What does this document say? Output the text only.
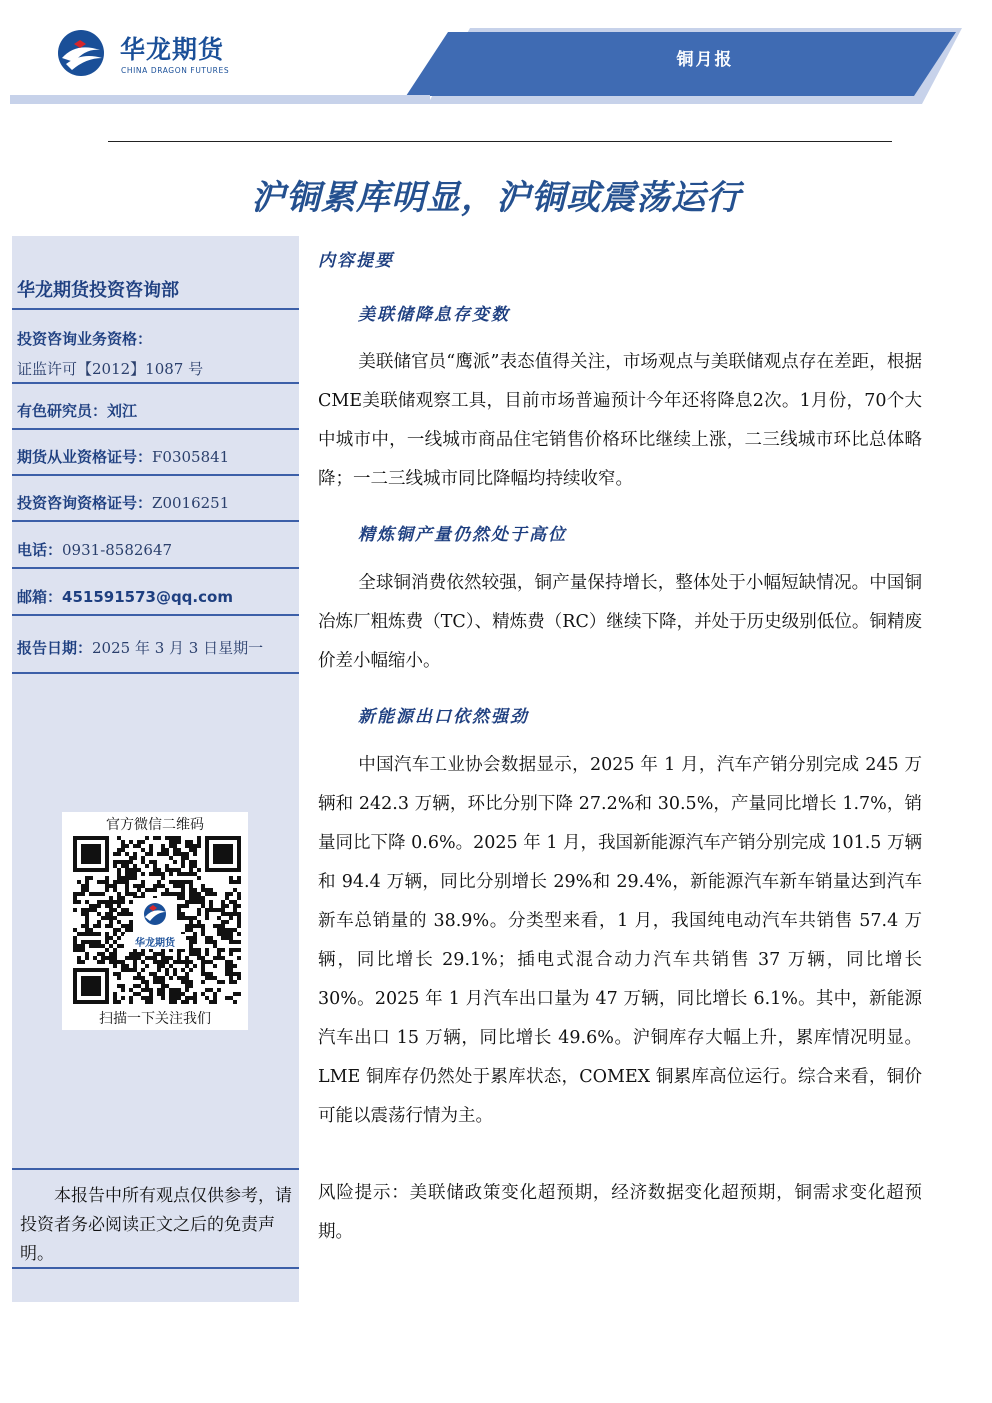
华龙期货
CHINA DRAGON FUTURES
铜月报
沪铜累库明显，沪铜或震荡运行
华龙期货投资咨询部
投资咨询业务资格：
证监许可【2012】1087 号
有色研究员：刘江
期货从业资格证号：F0305841
投资咨询资格证号：Z0016251
电话：0931-8582647
邮箱：451591573@qq.com
报告日期：2025 年 3 月 3 日星期一
官方微信二维码
华龙期货
扫描一下关注我们
本报告中所有观点仅供参考，请投资者务必阅读正文之后的免责声明。
内容提要
美联储降息存变数
美联储官员“鹰派”表态值得关注，市场观点与美联储观点存在差距，根据CME美联储观察工具，目前市场普遍预计今年还将降息2次。1月份，70个大中城市中，一线城市商品住宅销售价格环比继续上涨，二三线城市环比总体略降；一二三线城市同比降幅均持续收窄。
精炼铜产量仍然处于高位
全球铜消费依然较强，铜产量保持增长，整体处于小幅短缺情况。中国铜冶炼厂粗炼费（TC）、精炼费（RC）继续下降，并处于历史级别低位。铜精废价差小幅缩小。
新能源出口依然强劲
中国汽车工业协会数据显示，2025 年 1 月，汽车产销分别完成 245 万辆和 242.3 万辆，环比分别下降 27.2%和 30.5%，产量同比增长 1.7%，销量同比下降 0.6%。2025 年 1 月，我国新能源汽车产销分别完成 101.5 万辆和 94.4 万辆，同比分别增长 29%和 29.4%，新能源汽车新车销量达到汽车新车总销量的 38.9%。分类型来看，1 月，我国纯电动汽车共销售 57.4 万辆，同比增长 29.1%；插电式混合动力汽车共销售 37 万辆，同比增长 30%。2025 年 1 月汽车出口量为 47 万辆，同比增长 6.1%。其中，新能源汽车出口 15 万辆，同比增长 49.6%。沪铜库存大幅上升，累库情况明显。LME 铜库存仍然处于累库状态，COMEX 铜累库高位运行。综合来看，铜价可能以震荡行情为主。
风险提示：美联储政策变化超预期，经济数据变化超预期，铜需求变化超预期。
